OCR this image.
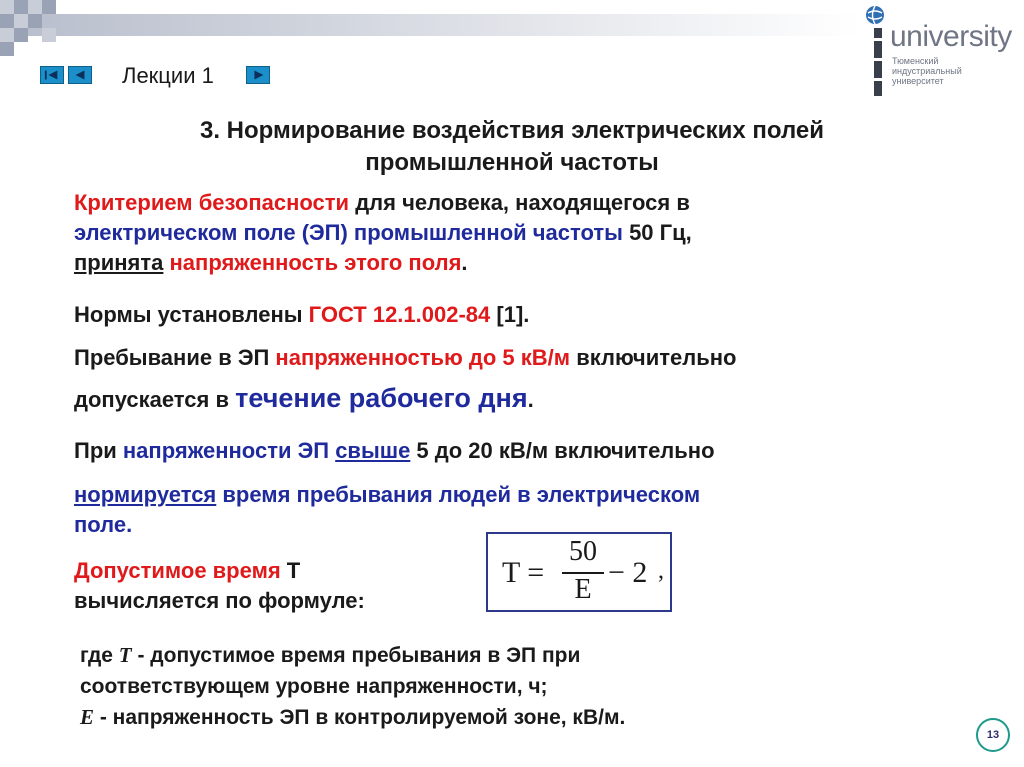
Лекции 1
university
Тюменский индустриальный университет
3. Нормирование воздействия электрических полей
промышленной частоты
Критерием безопасности для человека, находящегося в
электрическом поле (ЭП) промышленной частоты 50 Гц,
принята напряженность этого поля.
Нормы установлены ГОСТ 12.1.002-84 [1].
Пребывание в ЭП напряженностью до 5 кВ/м включительно
допускается в течение рабочего дня.
При напряженности ЭП свыше 5 до 20 кВ/м включительно
нормируется время пребывания людей в электрическом
поле.
Допустимое время Т
вычисляется по формуле:
T =
50
E
− 2 ,
где T - допустимое время пребывания в ЭП при
соответствующем уровне напряженности, ч;
E - напряженность ЭП в контролируемой зоне, кВ/м.
13
